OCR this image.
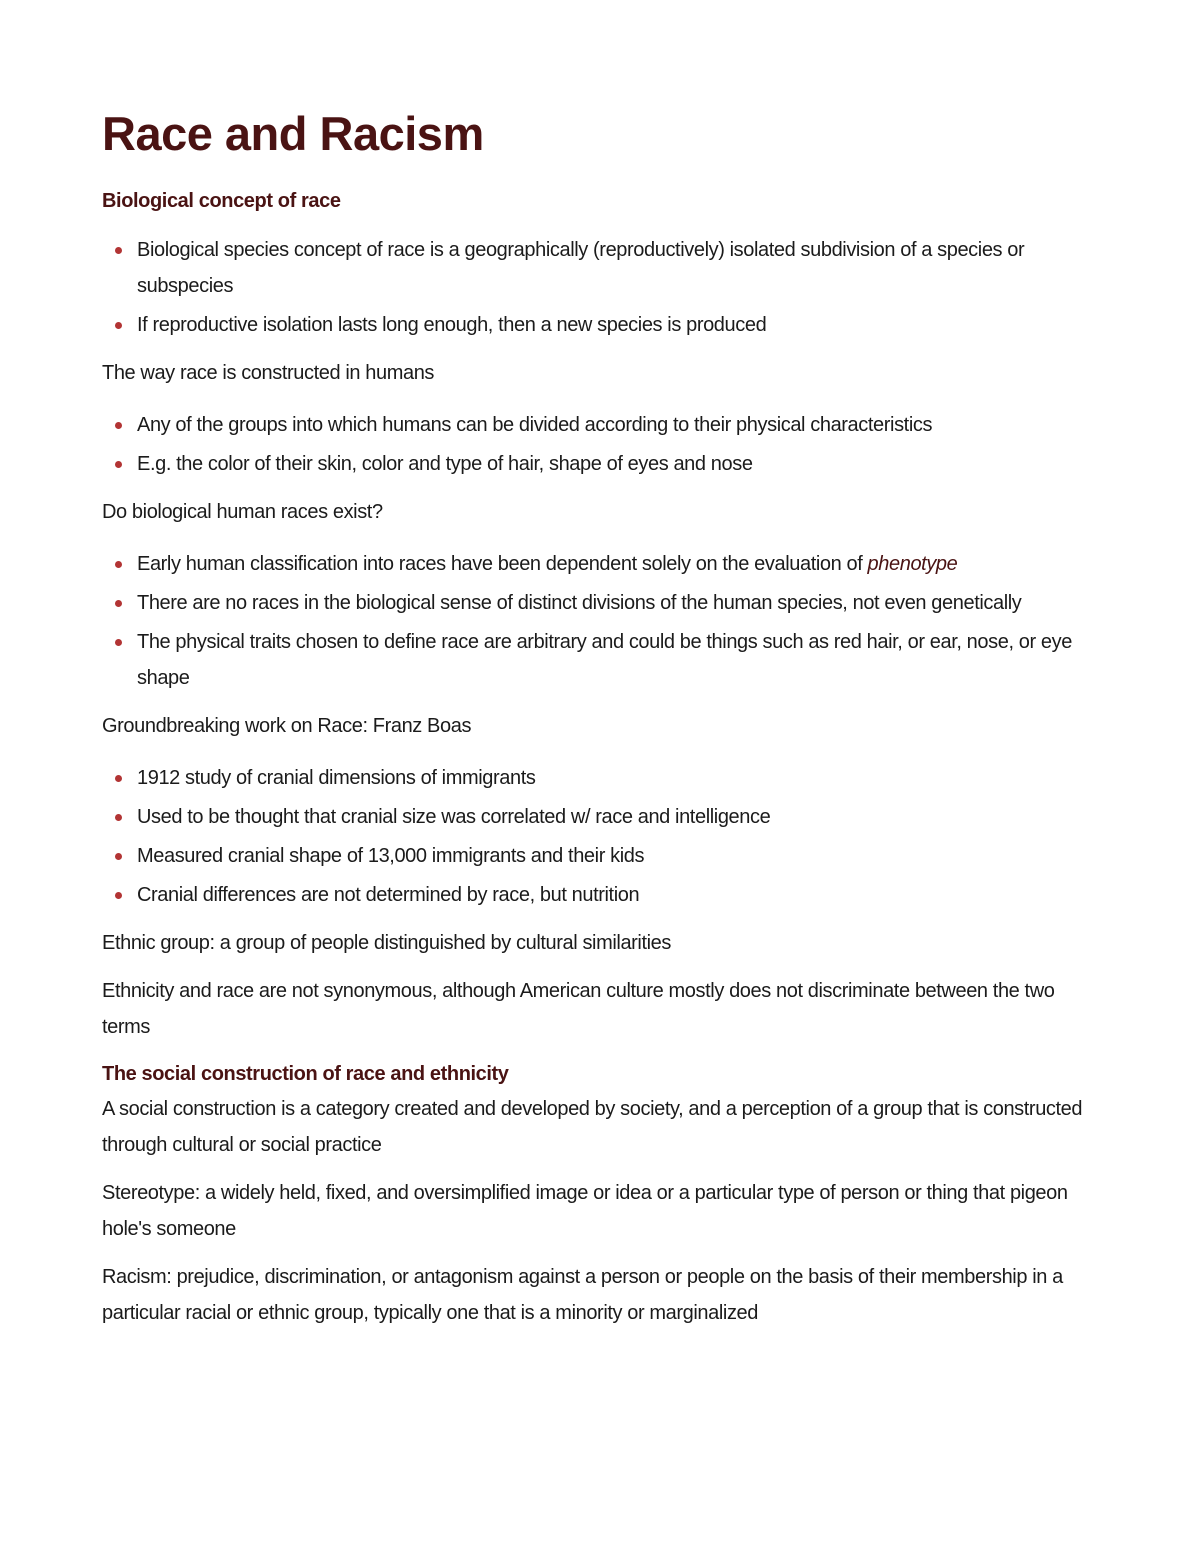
Race and Racism
Biological concept of race
Biological species concept of race is a geographically (reproductively) isolated subdivision of a species or subspecies
If reproductive isolation lasts long enough, then a new species is produced

The way race is constructed in humans

Any of the groups into which humans can be divided according to their physical characteristics
E.g. the color of their skin, color and type of hair, shape of eyes and nose

Do biological human races exist?

Early human classification into races have been dependent solely on the evaluation of phenotype
There are no races in the biological sense of distinct divisions of the human species, not even genetically
The physical traits chosen to define race are arbitrary and could be things such as red hair, or ear, nose, or eye shape

Groundbreaking work on Race: Franz Boas

1912 study of cranial dimensions of immigrants
Used to be thought that cranial size was correlated w/ race and intelligence
Measured cranial shape of 13,000 immigrants and their kids
Cranial differences are not determined by race, but nutrition

Ethnic group: a group of people distinguished by cultural similarities

Ethnicity and race are not synonymous, although American culture mostly does not discriminate between the two terms

The social construction of race and ethnicity

A social construction is a category created and developed by society, and a perception of a group that is constructed through cultural or social practice

Stereotype: a widely held, fixed, and oversimplified image or idea or a particular type of person or thing that pigeon hole's someone

Racism: prejudice, discrimination, or antagonism against a person or people on the basis of their membership in a particular racial or ethnic group, typically one that is a minority or marginalized
